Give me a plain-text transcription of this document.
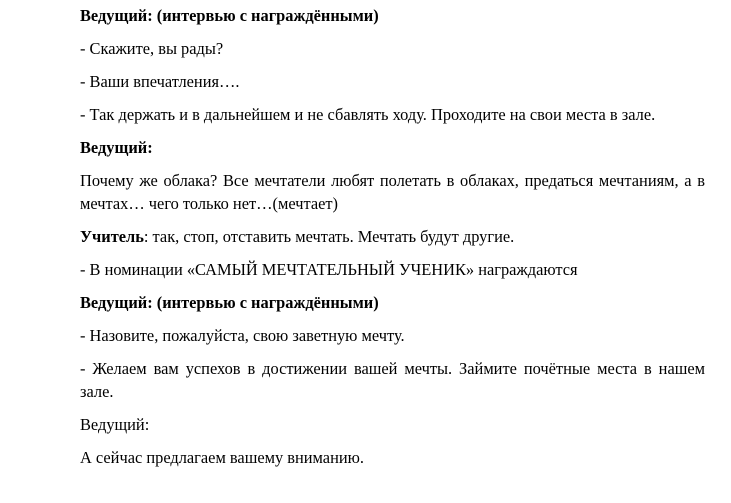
Ведущий: (интервью с награждёнными)

- Скажите, вы рады?

- Ваши впечатления….

- Так держать и в дальнейшем и не сбавлять ходу. Проходите на свои места в зале.

Ведущий:

Почему же облака? Все мечтатели любят полетать в облаках, предаться мечтаниям, а в мечтах… чего только нет…(мечтает)

Учитель: так, стоп, отставить мечтать. Мечтать будут другие.

- В номинации «САМЫЙ МЕЧТАТЕЛЬНЫЙ УЧЕНИК» награждаются

Ведущий: (интервью с награждёнными)

- Назовите, пожалуйста, свою заветную мечту.

- Желаем вам успехов в достижении вашей мечты. Займите почётные места в нашем зале.

Ведущий:

А сейчас предлагаем вашему вниманию.
